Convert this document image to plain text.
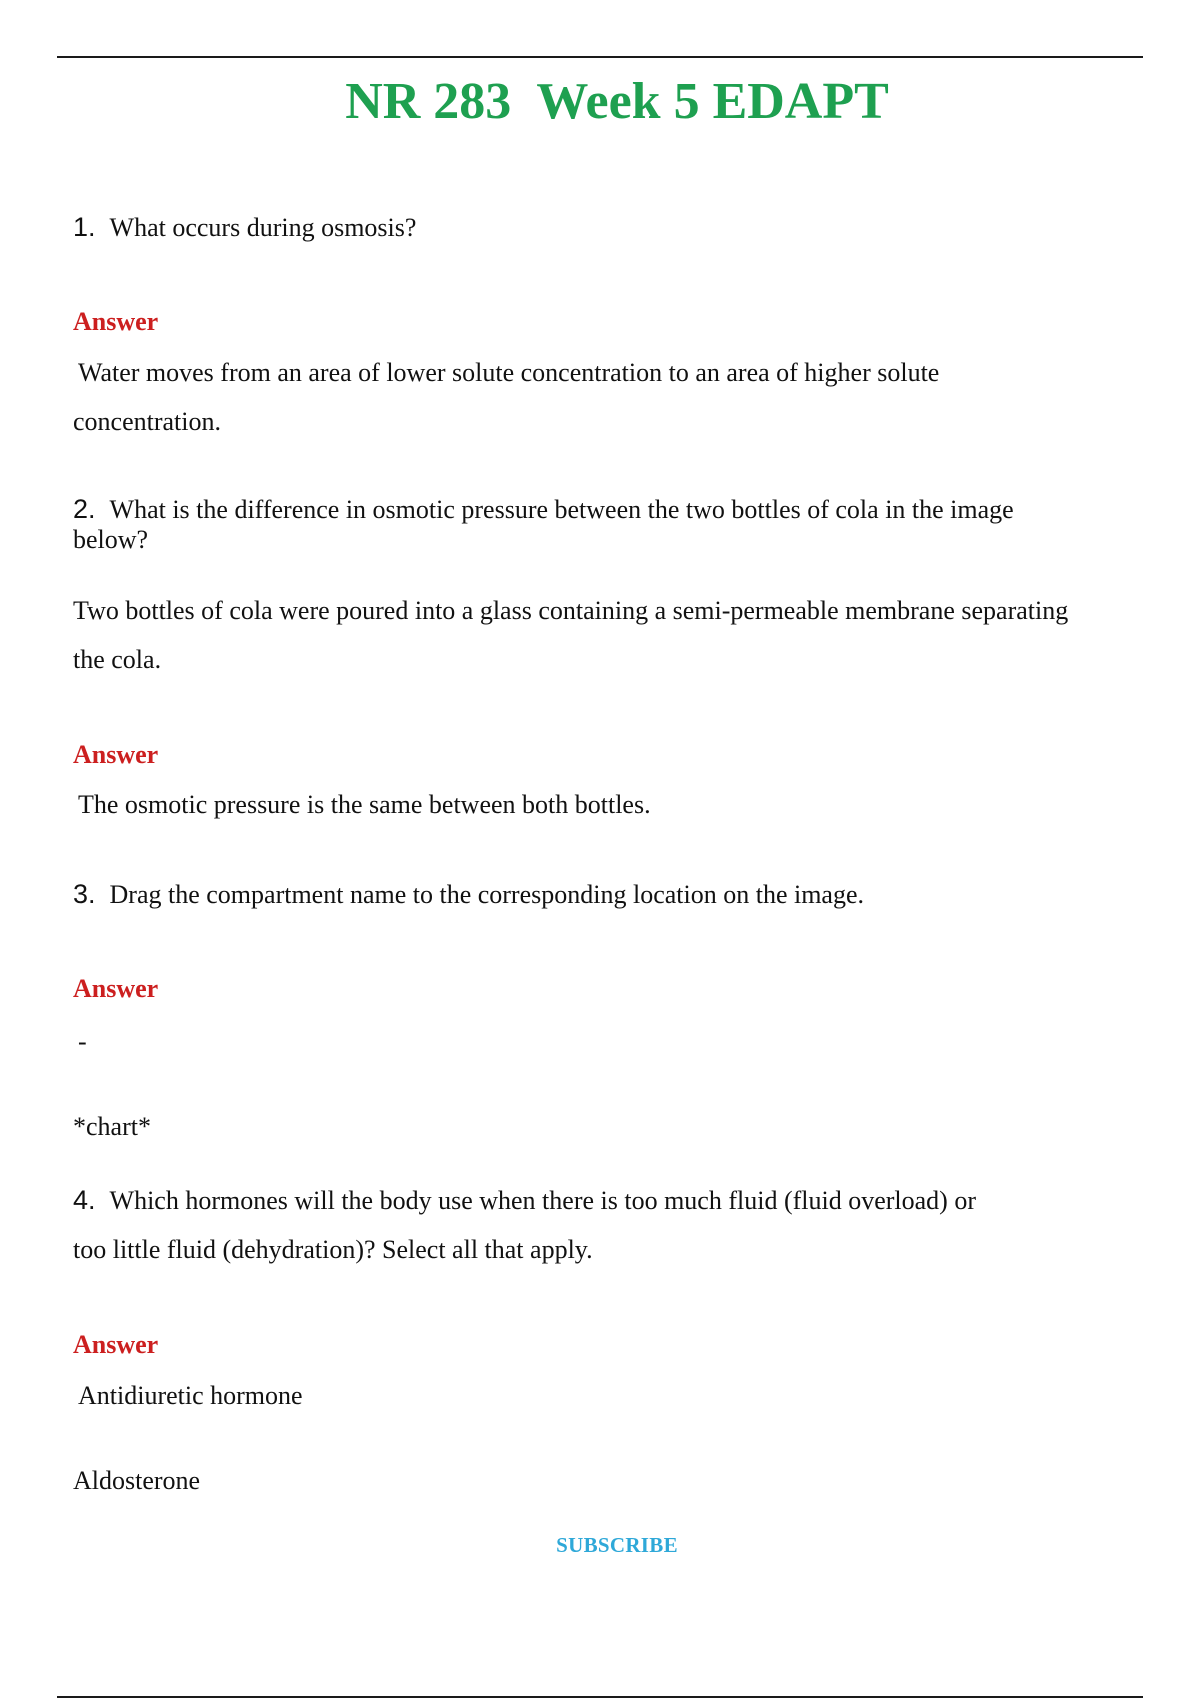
NR 283  Week 5 EDAPT
1. What occurs during osmosis?
Answer
Water moves from an area of lower solute concentration to an area of higher solute
concentration.
2. What is the difference in osmotic pressure between the two bottles of cola in the image
below?
Two bottles of cola were poured into a glass containing a semi-permeable membrane separating
the cola.
Answer
The osmotic pressure is the same between both bottles.
3. Drag the compartment name to the corresponding location on the image.
Answer
-
*chart*
4. Which hormones will the body use when there is too much fluid (fluid overload) or
too little fluid (dehydration)? Select all that apply.
Answer
Antidiuretic hormone
Aldosterone
SUBSCRIBE
